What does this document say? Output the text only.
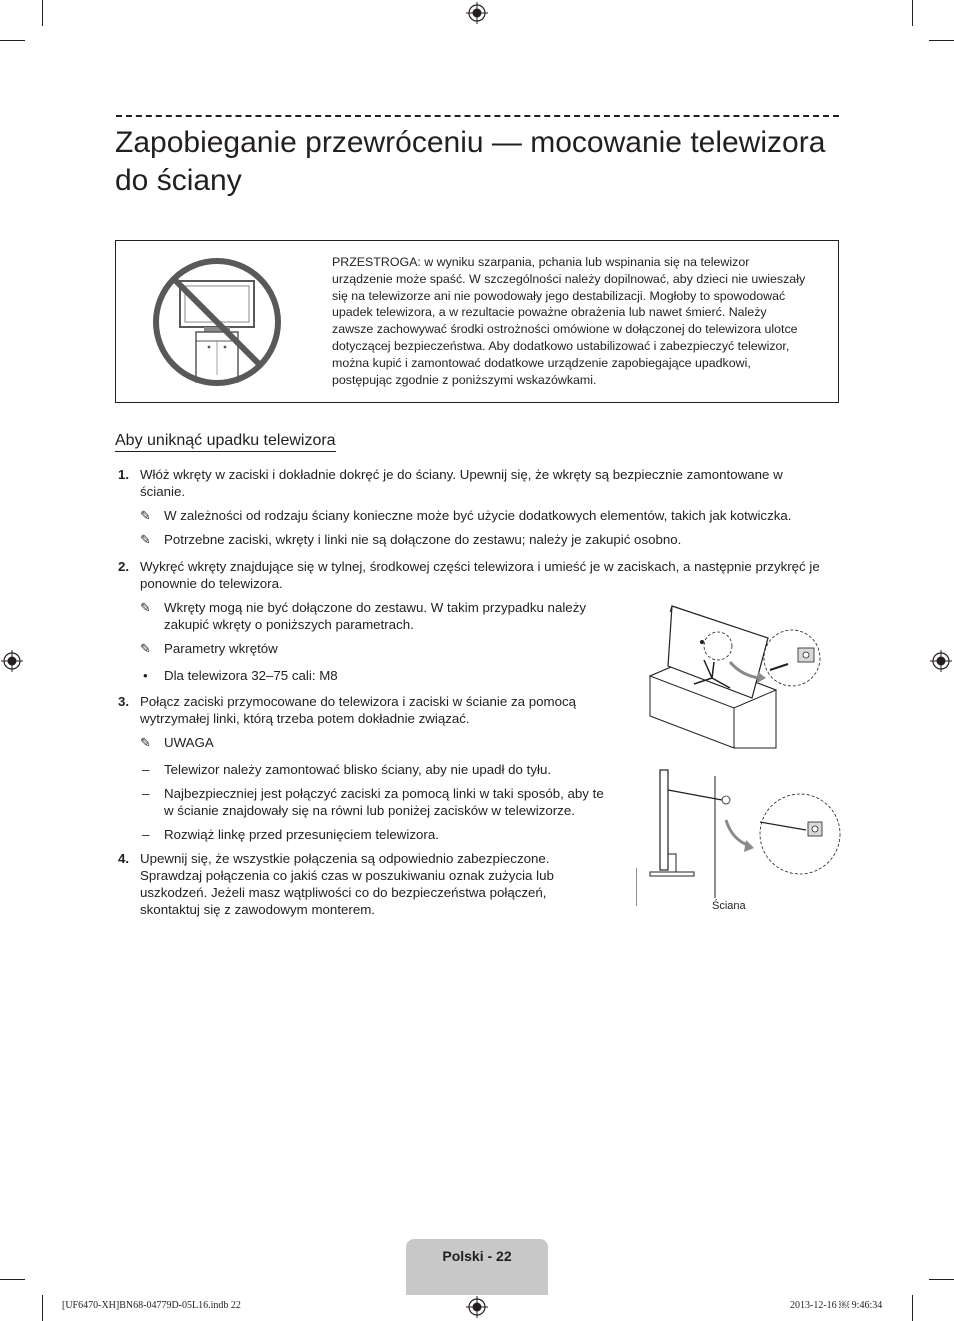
Zapobieganie przewróceniu — mocowanie telewizora do ściany
PRZESTROGA: w wyniku szarpania, pchania lub wspinania się na telewizor urządzenie może spaść. W szczególności należy dopilnować, aby dzieci nie uwieszały się na telewizorze ani nie powodowały jego destabilizacji. Mogłoby to spowodować upadek telewizora, a w rezultacie poważne obrażenia lub nawet śmierć. Należy zawsze zachowywać środki ostrożności omówione w dołączonej do telewizora ulotce dotyczącej bezpieczeństwa. Aby dodatkowo ustabilizować i zabezpieczyć telewizor, można kupić i zamontować dodatkowe urządzenie zapobiegające upadkowi, postępując zgodnie z poniższymi wskazówkami.
Aby uniknąć upadku telewizora
1. Włóż wkręty w zaciski i dokładnie dokręć je do ściany. Upewnij się, że wkręty są bezpiecznie zamontowane w ścianie.
✎ W zależności od rodzaju ściany konieczne może być użycie dodatkowych elementów, takich jak kotwiczka.
✎ Potrzebne zaciski, wkręty i linki nie są dołączone do zestawu; należy je zakupić osobno.
2. Wykręć wkręty znajdujące się w tylnej, środkowej części telewizora i umieść je w zaciskach, a następnie przykręć je ponownie do telewizora.
✎ Wkręty mogą nie być dołączone do zestawu. W takim przypadku należy zakupić wkręty o poniższych parametrach.
✎ Parametry wkrętów
• Dla telewizora 32–75 cali: M8
3. Połącz zaciski przymocowane do telewizora i zaciski w ścianie za pomocą wytrzymałej linki, którą trzeba potem dokładnie związać.
✎ UWAGA
– Telewizor należy zamontować blisko ściany, aby nie upadł do tyłu.
– Najbezpieczniej jest połączyć zaciski za pomocą linki w taki sposób, aby te w ścianie znajdowały się na równi lub poniżej zacisków w telewizorze.
– Rozwiąż linkę przed przesunięciem telewizora.
4. Upewnij się, że wszystkie połączenia są odpowiednio zabezpieczone. Sprawdzaj połączenia co jakiś czas w poszukiwaniu oznak zużycia lub uszkodzeń. Jeżeli masz wątpliwości co do bezpieczeństwa połączeń, skontaktuj się z zawodowym monterem.	Ściana
Polski - 22
[UF6470-XH]BN68-04779D-05L16.indb 22	2013-12-16 ￼ 9:46:34
